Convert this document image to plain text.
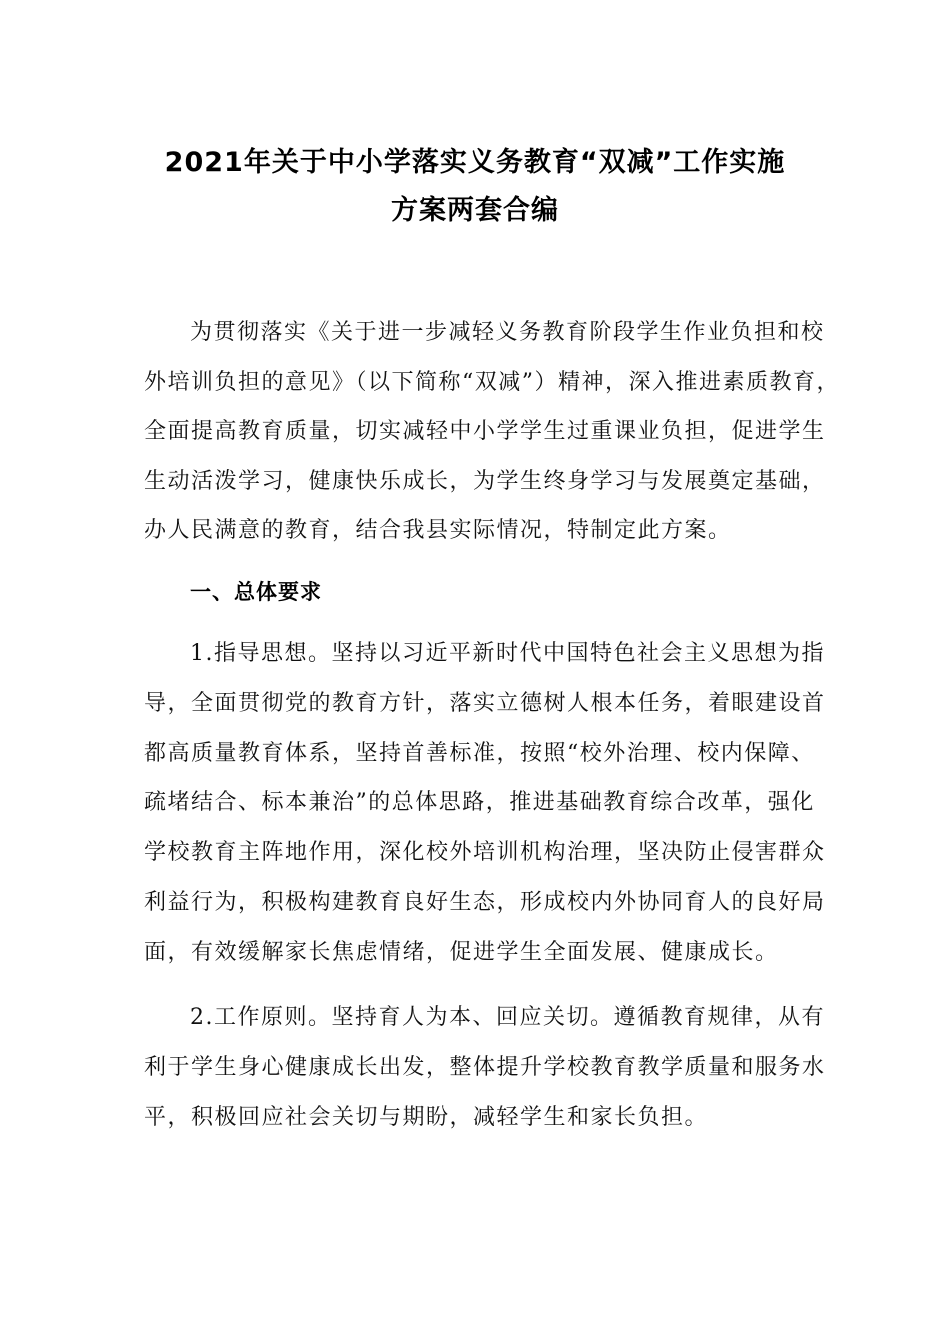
2021年关于中小学落实义务教育“双减”工作实施
方案两套合编
为贯彻落实《关于进一步减轻义务教育阶段学生作业负担和校
外培训负担的意见》（以下简称“双减”）精神，深入推进素质教育，
全面提高教育质量，切实减轻中小学学生过重课业负担，促进学生
生动活泼学习，健康快乐成长，为学生终身学习与发展奠定基础，
办人民满意的教育，结合我县实际情况，特制定此方案。
一、总体要求
1.指导思想。坚持以习近平新时代中国特色社会主义思想为指
导，全面贯彻党的教育方针，落实立德树人根本任务，着眼建设首
都高质量教育体系，坚持首善标准，按照“校外治理、校内保障、
疏堵结合、标本兼治”的总体思路，推进基础教育综合改革，强化
学校教育主阵地作用，深化校外培训机构治理，坚决防止侵害群众
利益行为，积极构建教育良好生态，形成校内外协同育人的良好局
面，有效缓解家长焦虑情绪，促进学生全面发展、健康成长。
2.工作原则。坚持育人为本、回应关切。遵循教育规律，从有
利于学生身心健康成长出发，整体提升学校教育教学质量和服务水
平，积极回应社会关切与期盼，减轻学生和家长负担。
